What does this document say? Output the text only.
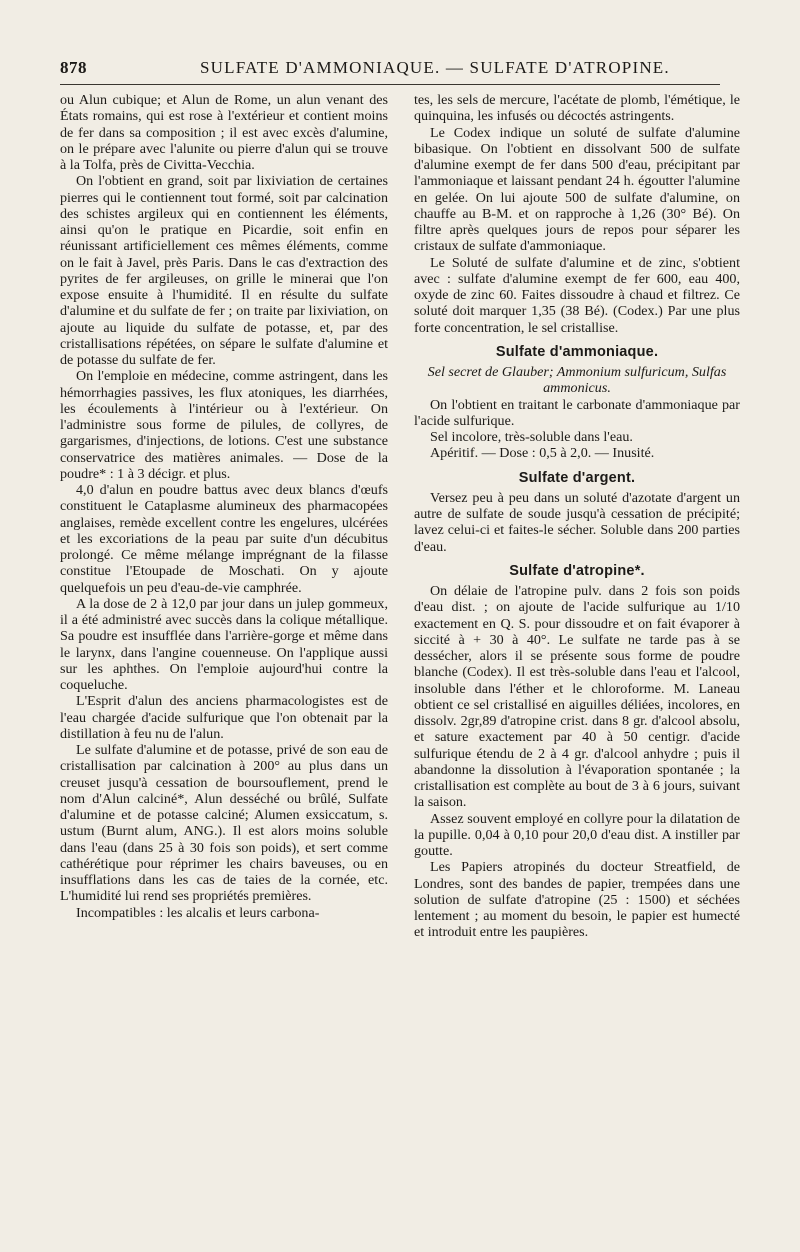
878	SULFATE D'AMMONIAQUE. — SULFATE D'ATROPINE.

ou Alun cubique; et Alun de Rome, un alun venant des États romains, qui est rose à l'extérieur et contient moins de fer dans sa composition ; il est avec excès d'alumine, on le prépare avec l'alunite ou pierre d'alun qui se trouve à la Tolfa, près de Civitta-Vecchia.

On l'obtient en grand, soit par lixiviation de certaines pierres qui le contiennent tout formé, soit par calcination des schistes argileux qui en contiennent les éléments, ainsi qu'on le pratique en Picardie, soit enfin en réunissant artificiellement ces mêmes éléments, comme on le fait à Javel, près Paris. Dans le cas d'extraction des pyrites de fer argileuses, on grille le minerai que l'on expose ensuite à l'humidité. Il en résulte du sulfate d'alumine et du sulfate de fer ; on traite par lixiviation, on ajoute au liquide du sulfate de potasse, et, par des cristallisations répétées, on sépare le sulfate d'alumine et de potasse du sulfate de fer.

On l'emploie en médecine, comme astringent, dans les hémorrhagies passives, les flux atoniques, les diarrhées, les écoulements à l'intérieur ou à l'extérieur. On l'administre sous forme de pilules, de collyres, de gargarismes, d'injections, de lotions. C'est une substance conservatrice des matières animales. — Dose de la poudre* : 1 à 3 décigr. et plus.

4,0 d'alun en poudre battus avec deux blancs d'œufs constituent le Cataplasme alumineux des pharmacopées anglaises, remède excellent contre les engelures, ulcérées et les excoriations de la peau par suite d'un décubitus prolongé. Ce même mélange imprégnant de la filasse constitue l'Etoupade de Moschati. On y ajoute quelquefois un peu d'eau-de-vie camphrée.

A la dose de 2 à 12,0 par jour dans un julep gommeux, il a été administré avec succès dans la colique métallique. Sa poudre est insufflée dans l'arrière-gorge et même dans le larynx, dans l'angine couenneuse. On l'applique aussi sur les aphthes. On l'emploie aujourd'hui contre la coqueluche.

L'Esprit d'alun des anciens pharmacologistes est de l'eau chargée d'acide sulfurique que l'on obtenait par la distillation à feu nu de l'alun.

Le sulfate d'alumine et de potasse, privé de son eau de cristallisation par calcination à 200° au plus dans un creuset jusqu'à cessation de boursouflement, prend le nom d'Alun calciné*, Alun desséché ou brûlé, Sulfate d'alumine et de potasse calciné; Alumen exsiccatum, s. ustum (Burnt alum, ANG.). Il est alors moins soluble dans l'eau (dans 25 à 30 fois son poids), et sert comme cathérétique pour réprimer les chairs baveuses, ou en insufflations dans les cas de taies de la cornée, etc. L'humidité lui rend ses propriétés premières.

Incompatibles : les alcalis et leurs carbona-

tes, les sels de mercure, l'acétate de plomb, l'émétique, le quinquina, les infusés ou décoctés astringents.

Le Codex indique un soluté de sulfate d'alumine bibasique. On l'obtient en dissolvant 500 de sulfate d'alumine exempt de fer dans 500 d'eau, précipitant par l'ammoniaque et laissant pendant 24 h. égoutter l'alumine en gelée. On lui ajoute 500 de sulfate d'alumine, on chauffe au B-M. et on rapproche à 1,26 (30° Bé). On filtre après quelques jours de repos pour séparer les cristaux de sulfate d'ammoniaque.

Le Soluté de sulfate d'alumine et de zinc, s'obtient avec : sulfate d'alumine exempt de fer 600, eau 400, oxyde de zinc 60. Faites dissoudre à chaud et filtrez. Ce soluté doit marquer 1,35 (38 Bé). (Codex.) Par une plus forte concentration, le sel cristallise.

Sulfate d'ammoniaque.

Sel secret de Glauber; Ammonium sulfuricum, Sulfas ammonicus.

On l'obtient en traitant le carbonate d'ammoniaque par l'acide sulfurique.

Sel incolore, très-soluble dans l'eau.

Apéritif. — Dose : 0,5 à 2,0. — Inusité.

Sulfate d'argent.

Versez peu à peu dans un soluté d'azotate d'argent un autre de sulfate de soude jusqu'à cessation de précipité; lavez celui-ci et faites-le sécher. Soluble dans 200 parties d'eau.

Sulfate d'atropine*.

On délaie de l'atropine pulv. dans 2 fois son poids d'eau dist. ; on ajoute de l'acide sulfurique au 1/10 exactement en Q. S. pour dissoudre et on fait évaporer à siccité à + 30 à 40°. Le sulfate ne tarde pas à se dessécher, alors il se présente sous forme de poudre blanche (Codex). Il est très-soluble dans l'eau et l'alcool, insoluble dans l'éther et le chloroforme. M. Laneau obtient ce sel cristallisé en aiguilles déliées, incolores, en dissolv. 2gr,89 d'atropine crist. dans 8 gr. d'alcool absolu, et sature exactement par 40 à 50 centigr. d'acide sulfurique étendu de 2 à 4 gr. d'alcool anhydre ; puis il abandonne la dissolution à l'évaporation spontanée ; la cristallisation est complète au bout de 3 à 6 jours, suivant la saison.

Assez souvent employé en collyre pour la dilatation de la pupille. 0,04 à 0,10 pour 20,0 d'eau dist. A instiller par goutte.

Les Papiers atropinés du docteur Streatfield, de Londres, sont des bandes de papier, trempées dans une solution de sulfate d'atropine (25 : 1500) et séchées lentement ; au moment du besoin, le papier est humecté et introduit entre les paupières.
